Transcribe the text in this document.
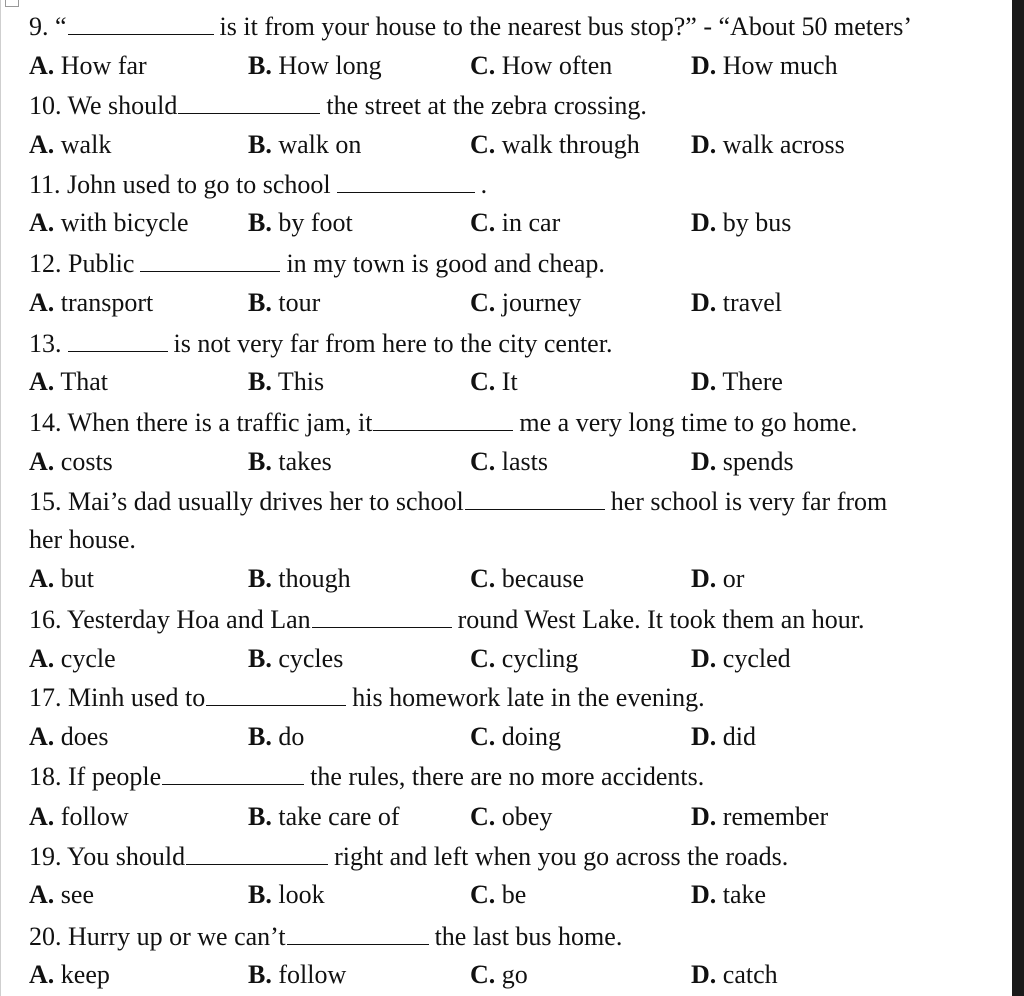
9. “	is it from your house to the nearest bus stop?” - “About 50 meters’
A. How far	B. How long	C. How often	D. How much
10. We should	the street at the zebra crossing.
A. walk	B. walk on	C. walk through D. walk across
11. John used to go to school	.
A. with bicycle B. by foot	C. in car	D. by bus
12. Public	in my town is good and cheap.
A. transport	B. tour	C. journey	D. travel
13.	is not very far from here to the city center.
A. That	B. This	C. It	D. There
14. When there is a traffic jam, it	me a very long time to go home.
A. costs	B. takes	C. lasts	D. spends
15. Mai’s dad usually drives her to school	her school is very far from
her house.
A. but	B. though	C. because	D. or
16. Yesterday Hoa and Lan	round West Lake. It took them an hour.
A. cycle	B. cycles	C. cycling	D. cycled
17. Minh used to	his homework late in the evening.
A. does	B. do	C. doing	D. did
18. If people	the rules, there are no more accidents.
A. follow	B. take care of	C. obey	D. remember
19. You should	right and left when you go across the roads.
A. see	B. look	C. be	D. take
20. Hurry up or we can’t	the last bus home.
A. keep	B. follow	C. go	D. catch
